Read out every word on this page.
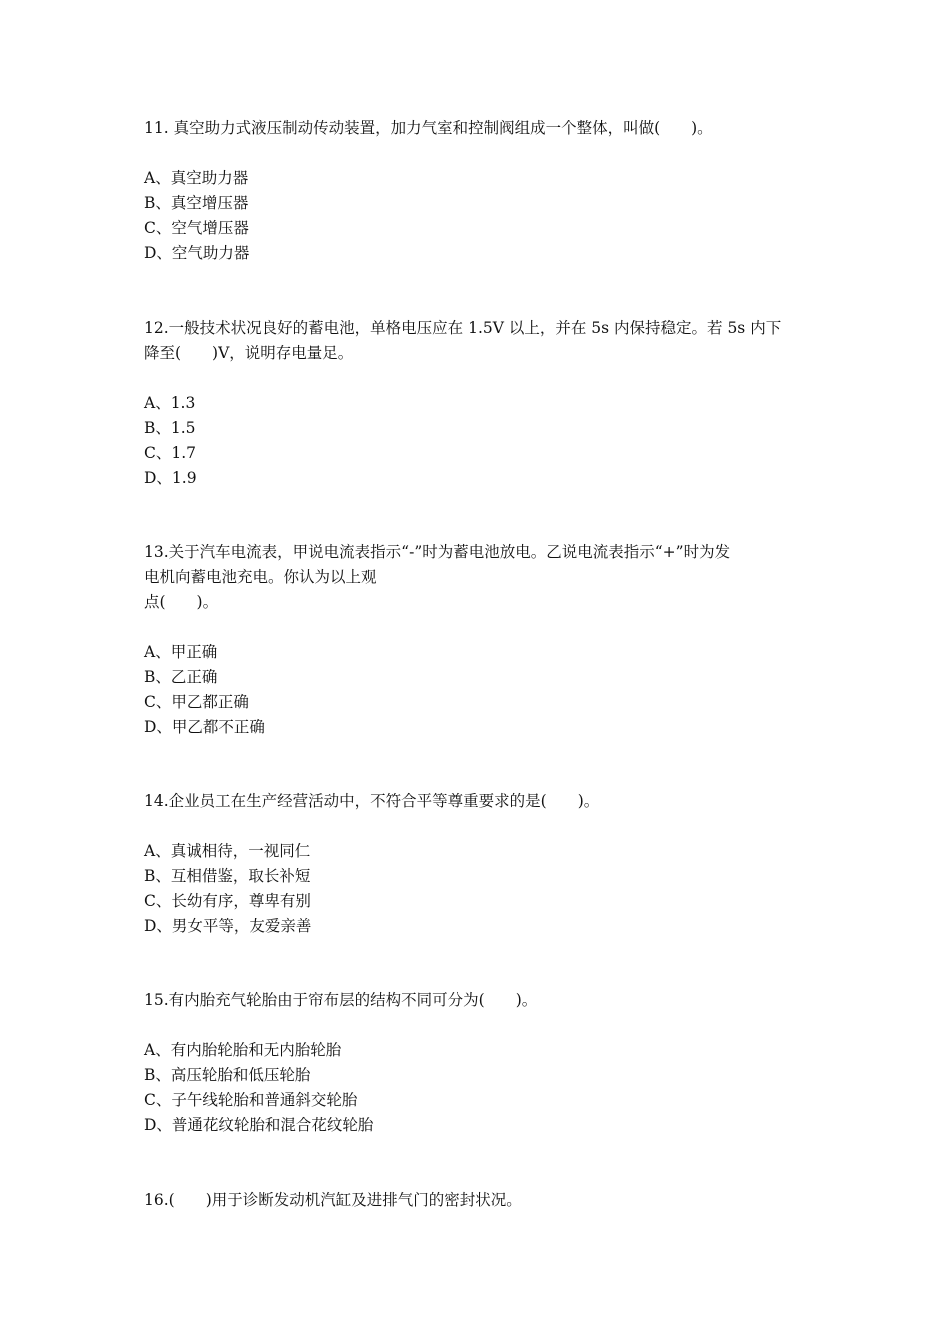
11. 真空助力式液压制动传动装置，加力气室和控制阀组成一个整体，叫做(　　)。
A、真空助力器
B、真空增压器
C、空气增压器
D、空气助力器
12.一般技术状况良好的蓄电池，单格电压应在 1.5V 以上，并在 5s 内保持稳定。若 5s 内下
降至(　　)V，说明存电量足。
A、1.3
B、1.5
C、1.7
D、1.9
13.关于汽车电流表，甲说电流表指示“-”时为蓄电池放电。乙说电流表指示“+”时为发
电机向蓄电池充电。你认为以上观
点(　　)。
A、甲正确
B、乙正确
C、甲乙都正确
D、甲乙都不正确
14.企业员工在生产经营活动中，不符合平等尊重要求的是(　　)。
A、真诚相待，一视同仁
B、互相借鉴，取长补短
C、长幼有序，尊卑有别
D、男女平等，友爱亲善
15.有内胎充气轮胎由于帘布层的结构不同可分为(　　)。
A、有内胎轮胎和无内胎轮胎
B、高压轮胎和低压轮胎
C、子午线轮胎和普通斜交轮胎
D、普通花纹轮胎和混合花纹轮胎
16.(　　)用于诊断发动机汽缸及进排气门的密封状况。
